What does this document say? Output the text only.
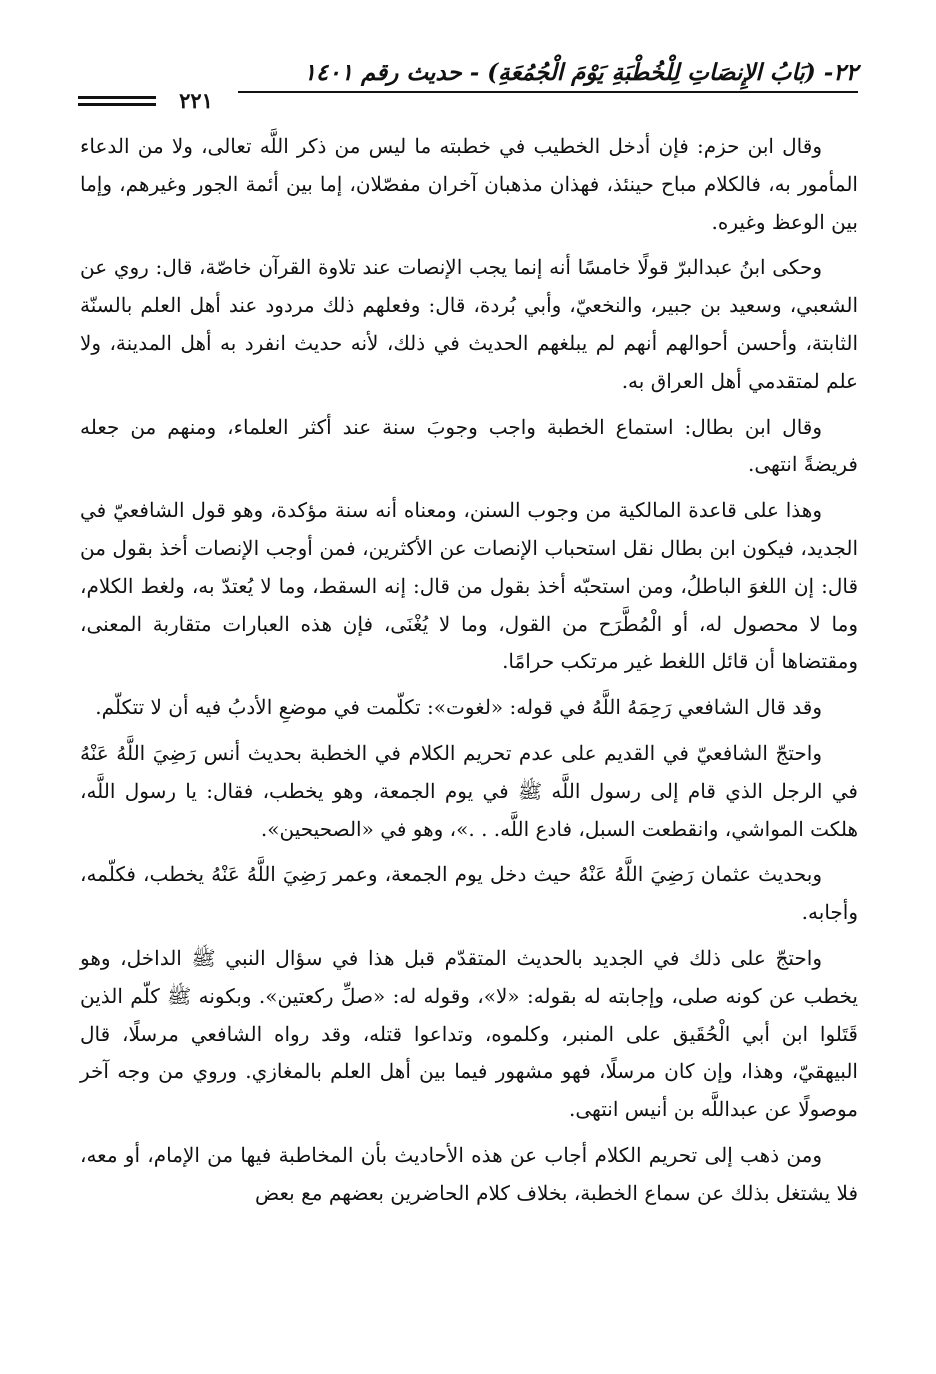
٢٢- (بَابُ الإِنصَاتِ لِلْخُطْبَةِ يَوْمَ الْجُمُعَةِ) - حديث رقم ١٤٠١
٢٢١

وقال ابن حزم: فإن أدخل الخطيب في خطبته ما ليس من ذكر اللَّه تعالى، ولا من الدعاء المأمور به، فالكلام مباح حينئذ، فهذان مذهبان آخران مفصّلان، إما بين أئمة الجور وغيرهم، وإما بين الوعظ وغيره.

وحكى ابنُ عبدالبرّ قولًا خامسًا أنه إنما يجب الإنصات عند تلاوة القرآن خاصّة، قال: روي عن الشعبي، وسعيد بن جبير، والنخعيّ، وأبي بُردة، قال: وفعلهم ذلك مردود عند أهل العلم بالسنّة الثابتة، وأحسن أحوالهم أنهم لم يبلغهم الحديث في ذلك، لأنه حديث انفرد به أهل المدينة، ولا علم لمتقدمي أهل العراق به.

وقال ابن بطال: استماع الخطبة واجب وجوبَ سنة عند أكثر العلماء، ومنهم من جعله فريضةً انتهى.

وهذا على قاعدة المالكية من وجوب السنن، ومعناه أنه سنة مؤكدة، وهو قول الشافعيّ في الجديد، فيكون ابن بطال نقل استحباب الإنصات عن الأكثرين، فمن أوجب الإنصات أخذ بقول من قال: إن اللغوَ الباطلُ، ومن استحبّه أخذ بقول من قال: إنه السقط، وما لا يُعتدّ به، ولغط الكلام، وما لا محصول له، أو الْمُطَّرَح من القول، وما لا يُغْنَى، فإن هذه العبارات متقاربة المعنى، ومقتضاها أن قائل اللغط غير مرتكب حرامًا.

وقد قال الشافعي رَحِمَهُ اللَّهُ في قوله: «لغوت»: تكلّمت في موضعِ الأدبُ فيه أن لا تتكلّم.

واحتجّ الشافعيّ في القديم على عدم تحريم الكلام في الخطبة بحديث أنس رَضِيَ اللَّهُ عَنْهُ في الرجل الذي قام إلى رسول اللَّه ﷺ في يوم الجمعة، وهو يخطب، فقال: يا رسول اللَّه، هلكت المواشي، وانقطعت السبل، فادع اللَّه. . .»، وهو في «الصحيحين».

وبحديث عثمان رَضِيَ اللَّهُ عَنْهُ حيث دخل يوم الجمعة، وعمر رَضِيَ اللَّهُ عَنْهُ يخطب، فكلّمه، وأجابه.

واحتجّ على ذلك في الجديد بالحديث المتقدّم قبل هذا في سؤال النبي ﷺ الداخل، وهو يخطب عن كونه صلى، وإجابته له بقوله: «لا»، وقوله له: «صلِّ ركعتين». وبكونه ﷺ كلّم الذين قَتَلوا ابن أبي الْحُقَيق على المنبر، وكلموه، وتداعوا قتله، وقد رواه الشافعي مرسلًا، قال البيهقيّ، وهذا، وإن كان مرسلًا، فهو مشهور فيما بين أهل العلم بالمغازي. وروي من وجه آخر موصولًا عن عبداللَّه بن أنيس انتهى.

ومن ذهب إلى تحريم الكلام أجاب عن هذه الأحاديث بأن المخاطبة فيها من الإمام، أو معه، فلا يشتغل بذلك عن سماع الخطبة، بخلاف كلام الحاضرين بعضهم مع بعض
